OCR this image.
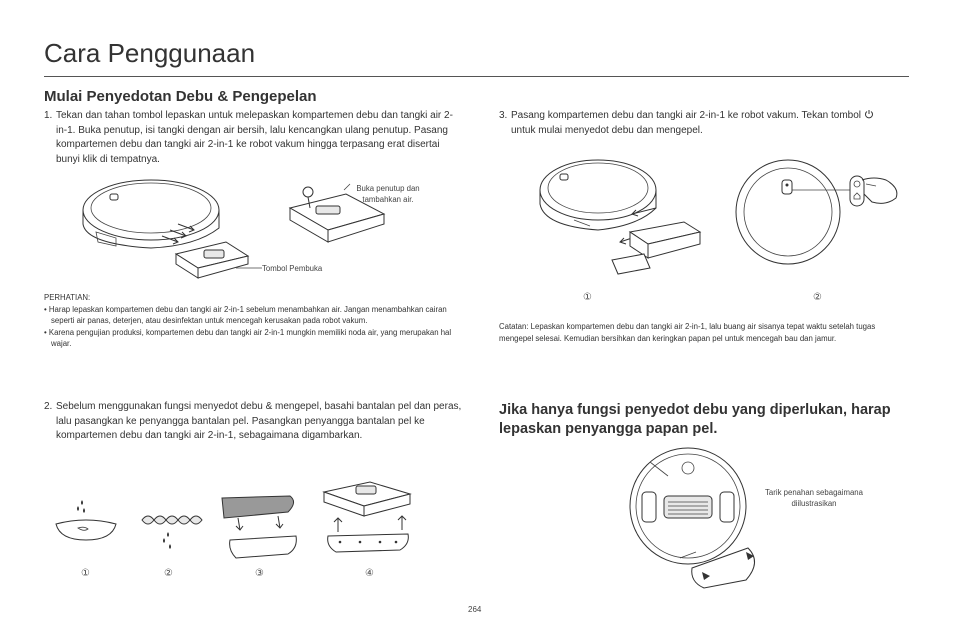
Cara Penggunaan
Mulai Penyedotan Debu & Pengepelan
1. Tekan dan tahan tombol lepaskan untuk melepaskan kompartemen debu dan tangki air 2-in-1. Buka penutup, isi tangki dengan air bersih, lalu kencangkan ulang penutup. Pasang kompartemen debu dan tangki air 2-in-1 ke robot vakum hingga terpasang erat disertai bunyi klik di tempatnya.
Buka penutup dan tambahkan air.
Tombol Pembuka
PERHATIAN:
• Harap lepaskan kompartemen debu dan tangki air 2-in-1 sebelum menambahkan air. Jangan menambahkan cairan seperti air panas, deterjen, atau desinfektan untuk mencegah kerusakan pada robot vakum.
• Karena pengujian produksi, kompartemen debu dan tangki air 2-in-1 mungkin memiliki noda air, yang merupakan hal wajar.
2. Sebelum menggunakan fungsi menyedot debu & mengepel, basahi bantalan pel dan peras, lalu pasangkan ke penyangga bantalan pel. Pasangkan penyangga bantalan pel ke kompartemen debu dan tangki air 2-in-1, sebagaimana digambarkan.
①	②	③	④
3. Pasang kompartemen debu dan tangki air 2-in-1 ke robot vakum. Tekan tombol  untuk mulai menyedot debu dan mengepel.
①	②
Catatan: Lepaskan kompartemen debu dan tangki air 2-in-1, lalu buang air sisanya tepat waktu setelah tugas mengepel selesai. Kemudian bersihkan dan keringkan papan pel untuk mencegah bau dan jamur.
Jika hanya fungsi penyedot debu yang diperlukan, harap lepaskan penyangga papan pel.
Tarik penahan sebagaimana diilustrasikan
264
